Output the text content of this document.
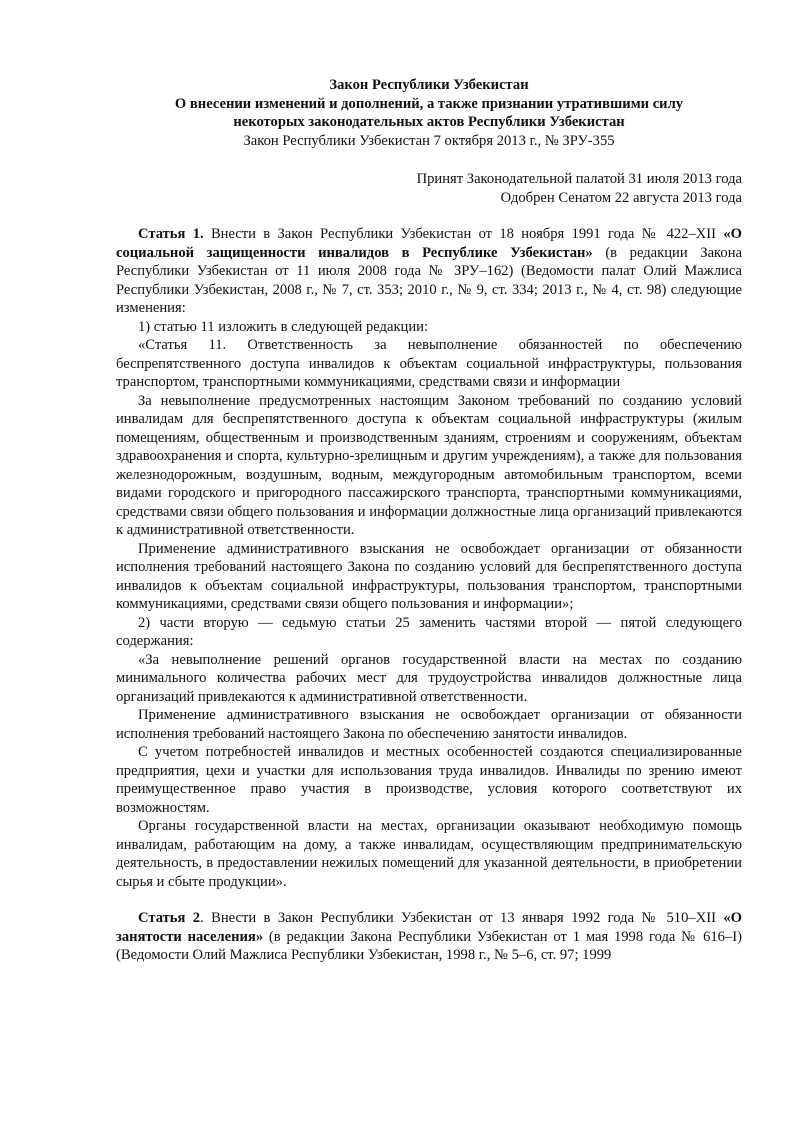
Закон Республики Узбекистан
О внесении изменений и дополнений, а также признании утратившими силу
некоторых законодательных актов Республики Узбекистан
Закон Республики Узбекистан 7 октября 2013 г., № ЗРУ-355
Принят Законодательной палатой 31 июля 2013 года
Одобрен Сенатом 22 августа 2013 года

Статья 1. Внести в Закон Республики Узбекистан от 18 ноября 1991 года № 422–XII «О социальной защищенности инвалидов в Республике Узбекистан» (в редакции Закона Республики Узбекистан от 11 июля 2008 года № ЗРУ–162) (Ведомости палат Олий Мажлиса Республики Узбекистан, 2008 г., № 7, ст. 353; 2010 г., № 9, ст. 334; 2013 г., № 4, ст. 98) следующие изменения:

1) статью 11 изложить в следующей редакции:

«Статья 11. Ответственность за невыполнение обязанностей по обеспечению беспрепятственного доступа инвалидов к объектам социальной инфраструктуры, пользования транспортом, транспортными коммуникациями, средствами связи и информации

За невыполнение предусмотренных настоящим Законом требований по созданию условий инвалидам для беспрепятственного доступа к объектам социальной инфраструктуры (жилым помещениям, общественным и производственным зданиям, строениям и сооружениям, объектам здравоохранения и спорта, культурно-зрелищным и другим учреждениям), а также для пользования железнодорожным, воздушным, водным, междугородным автомобильным транспортом, всеми видами городского и пригородного пассажирского транспорта, транспортными коммуникациями, средствами связи общего пользования и информации должностные лица организаций привлекаются к административной ответственности.

Применение административного взыскания не освобождает организации от обязанности исполнения требований настоящего Закона по созданию условий для беспрепятственного доступа инвалидов к объектам социальной инфраструктуры, пользования транспортом, транспортными коммуникациями, средствами связи общего пользования и информации»;

2) части вторую — седьмую статьи 25 заменить частями второй — пятой следующего содержания:

«За невыполнение решений органов государственной власти на местах по созданию минимального количества рабочих мест для трудоустройства инвалидов должностные лица организаций привлекаются к административной ответственности.

Применение административного взыскания не освобождает организации от обязанности исполнения требований настоящего Закона по обеспечению занятости инвалидов.

С учетом потребностей инвалидов и местных особенностей создаются специализированные предприятия, цехи и участки для использования труда инвалидов. Инвалиды по зрению имеют преимущественное право участия в производстве, условия которого соответствуют их возможностям.

Органы государственной власти на местах, организации оказывают необходимую помощь инвалидам, работающим на дому, а также инвалидам, осуществляющим предпринимательскую деятельность, в предоставлении нежилых помещений для указанной деятельности, в приобретении сырья и сбыте продукции».

Статья 2. Внести в Закон Республики Узбекистан от 13 января 1992 года № 510–XII «О занятости населения» (в редакции Закона Республики Узбекистан от 1 мая 1998 года № 616–I) (Ведомости Олий Мажлиса Республики Узбекистан, 1998 г., № 5–6, ст. 97; 1999
